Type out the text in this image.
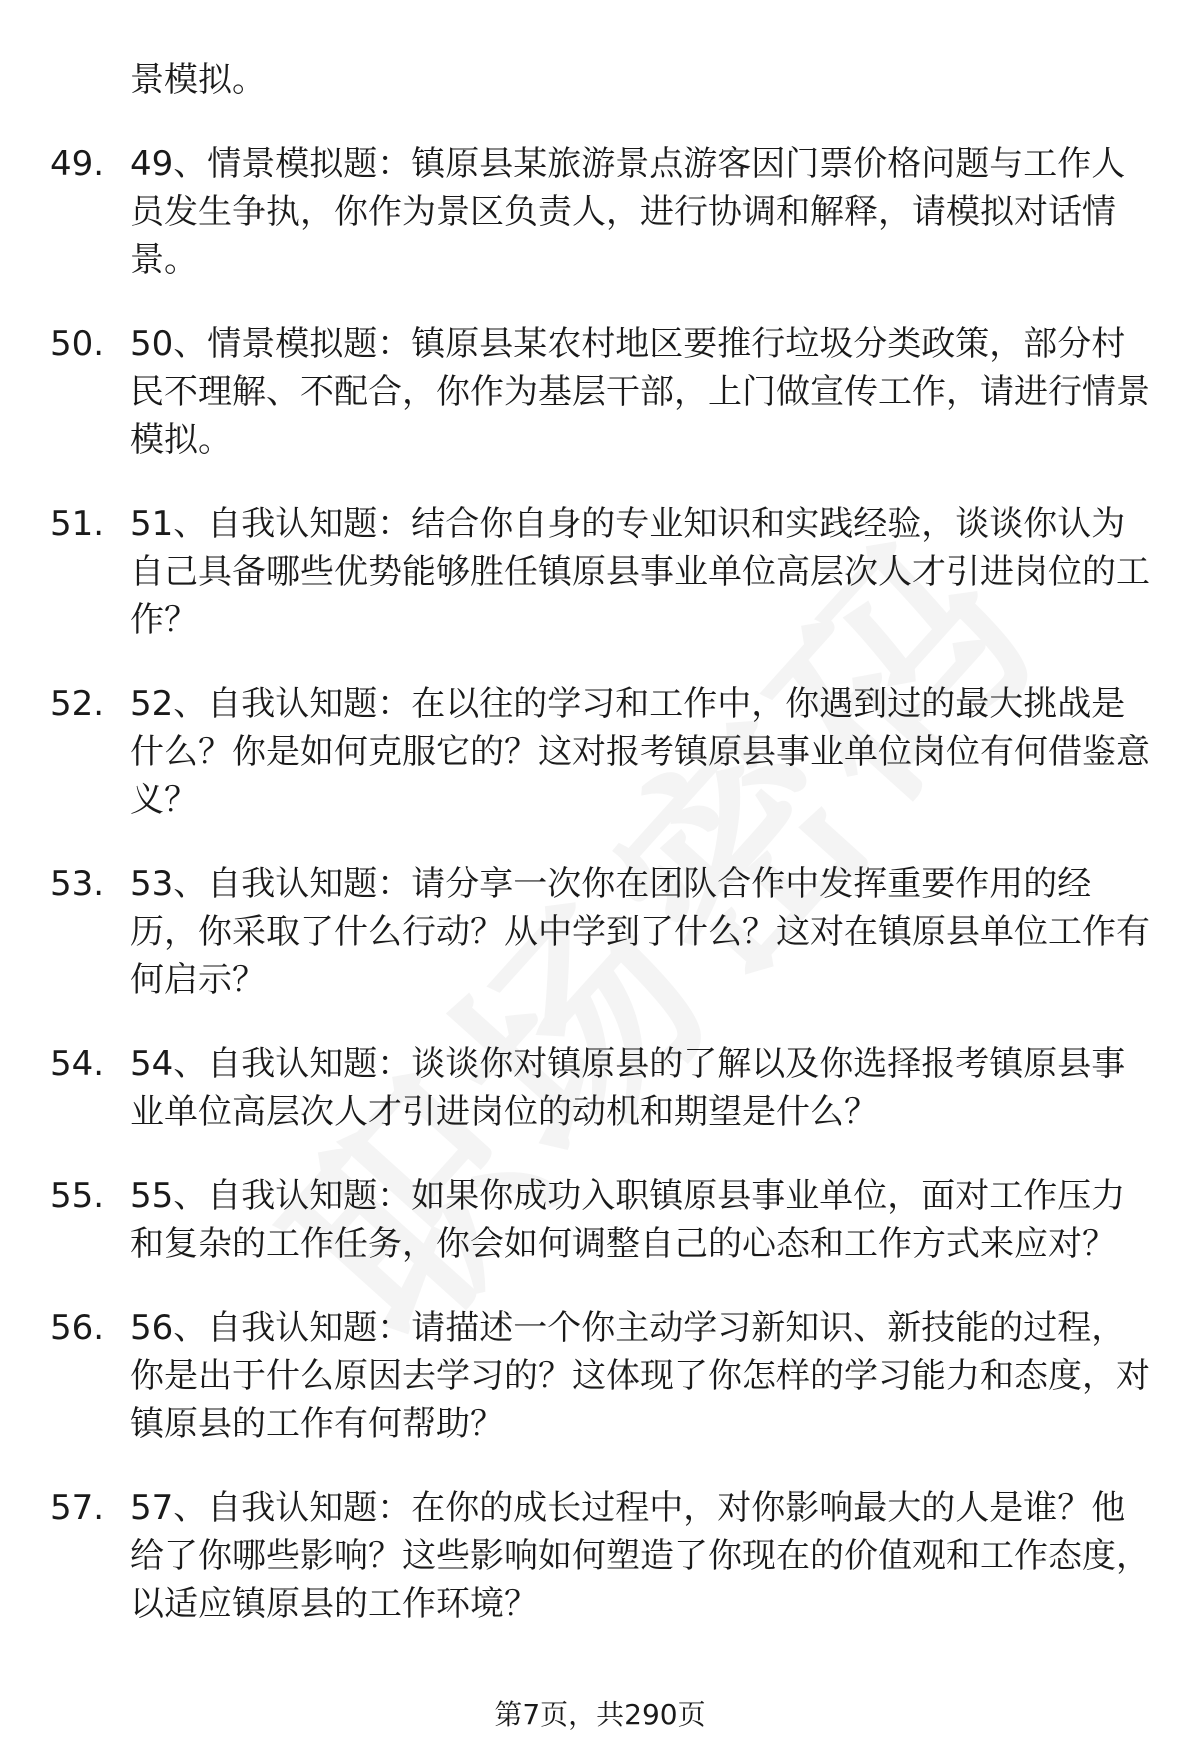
景模拟。

49. 49、情景模拟题：镇原县某旅游景点游客因门票价格问题与工作人员发生争执，你作为景区负责人，进行协调和解释，请模拟对话情景。
50. 50、情景模拟题：镇原县某农村地区要推行垃圾分类政策，部分村民不理解、不配合，你作为基层干部，上门做宣传工作，请进行情景模拟。
51. 51、自我认知题：结合你自身的专业知识和实践经验，谈谈你认为自己具备哪些优势能够胜任镇原县事业单位高层次人才引进岗位的工作？
52. 52、自我认知题：在以往的学习和工作中，你遇到过的最大挑战是什么？你是如何克服它的？这对报考镇原县事业单位岗位有何借鉴意义？
53. 53、自我认知题：请分享一次你在团队合作中发挥重要作用的经历，你采取了什么行动？从中学到了什么？这对在镇原县单位工作有何启示？
54. 54、自我认知题：谈谈你对镇原县的了解以及你选择报考镇原县事业单位高层次人才引进岗位的动机和期望是什么？
55. 55、自我认知题：如果你成功入职镇原县事业单位，面对工作压力和复杂的工作任务，你会如何调整自己的心态和工作方式来应对？
56. 56、自我认知题：请描述一个你主动学习新知识、新技能的过程，你是出于什么原因去学习的？这体现了你怎样的学习能力和态度，对镇原县的工作有何帮助？
57. 57、自我认知题：在你的成长过程中，对你影响最大的人是谁？他给了你哪些影响？这些影响如何塑造了你现在的价值观和工作态度，以适应镇原县的工作环境？
第7页，共290页
